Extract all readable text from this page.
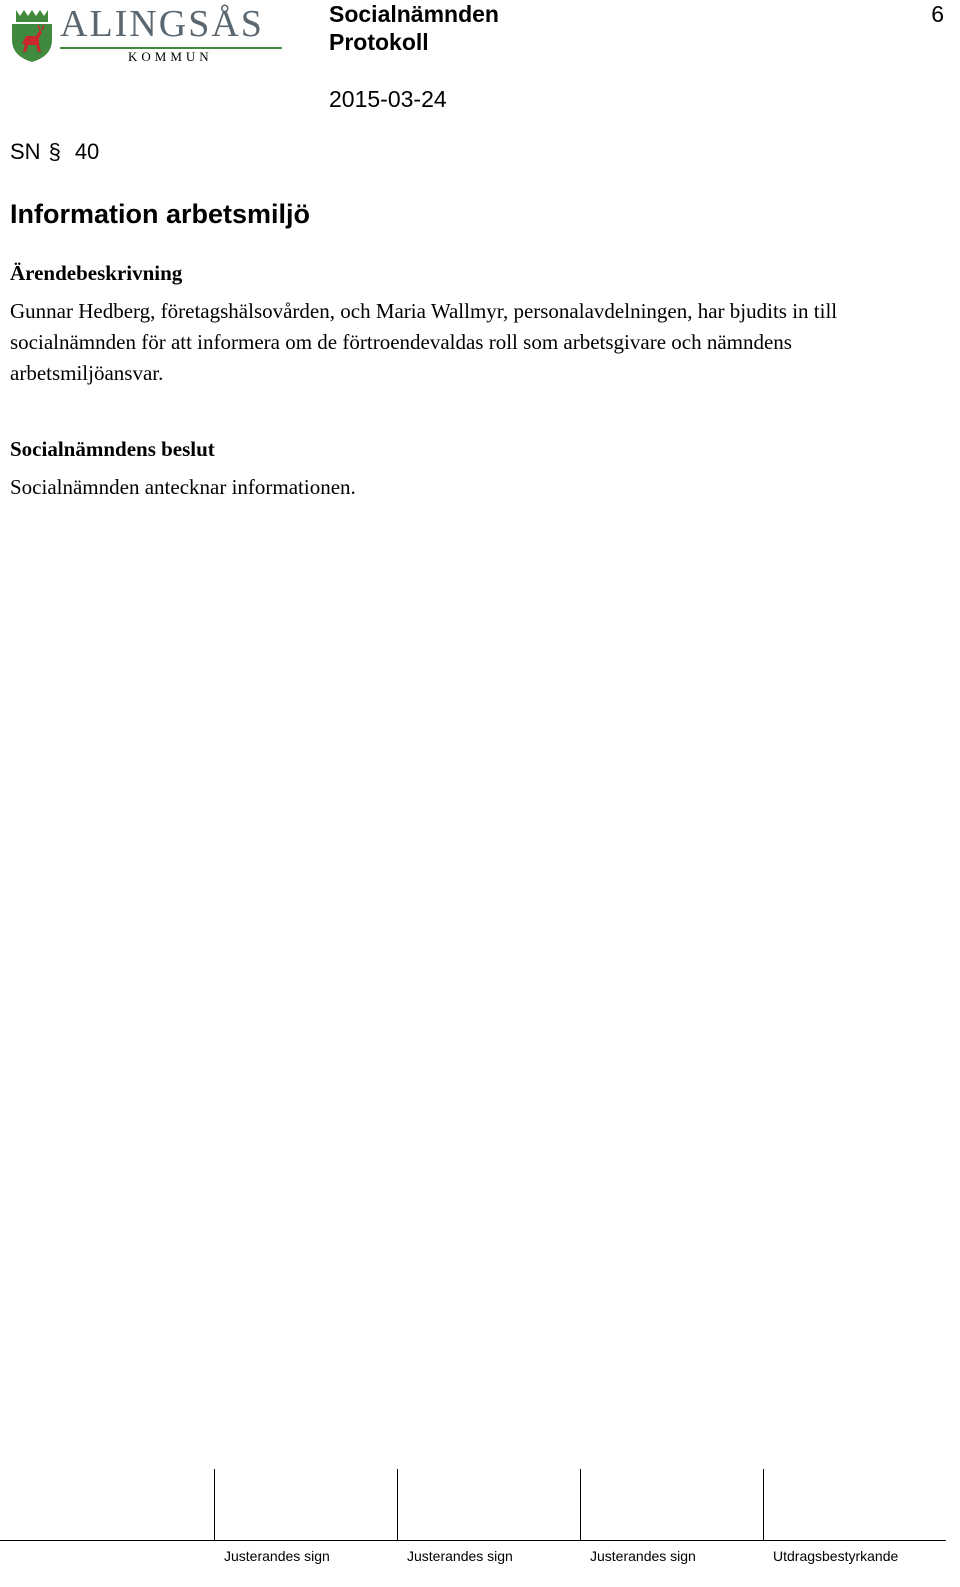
ALINGSÅS
KOMMUN
Socialnämnden
Protokoll
2015-03-24
6
SN § 40
Information arbetsmiljö
Ärendebeskrivning
Gunnar Hedberg, företagshälsovården, och Maria Wallmyr, personalavdelningen, har bjudits in till
socialnämnden för att informera om de förtroendevaldas roll som arbetsgivare och nämndens
arbetsmiljöansvar.
Socialnämndens beslut
Socialnämnden antecknar informationen.
Justerandes sign	Justerandes sign	Justerandes sign	Utdragsbestyrkande
